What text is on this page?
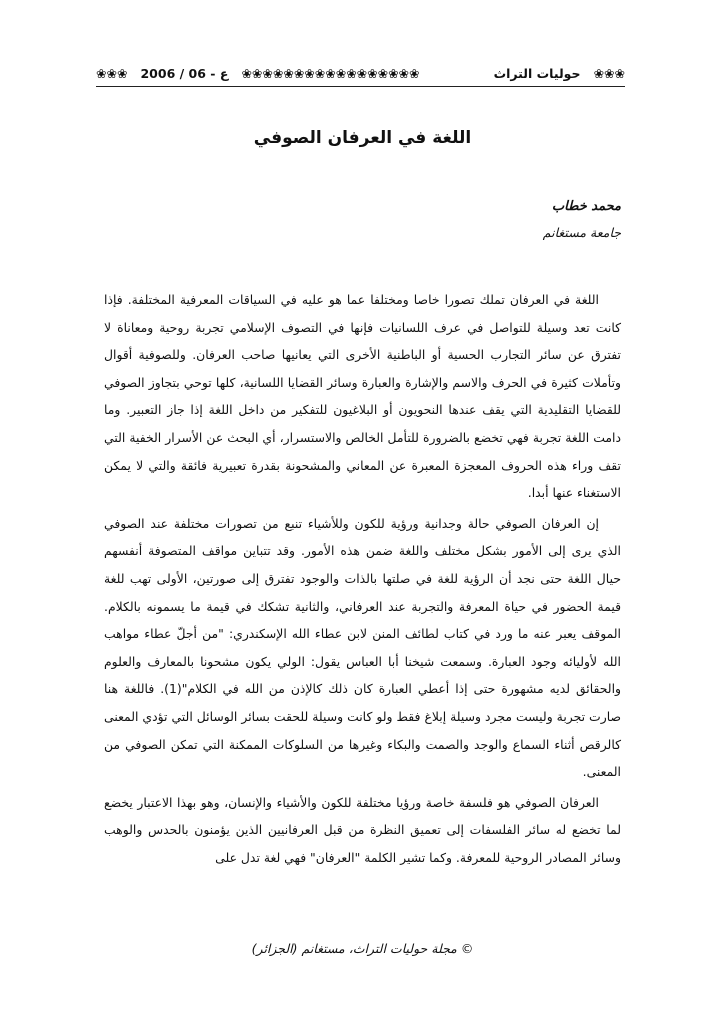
❀❀❀ 2006 / 06 - ع ❀❀❀❀❀❀❀❀❀❀❀❀❀❀❀❀❀	❀❀❀   حوليات التراث
اللغة في العرفان الصوفي
محمد خطاب
جامعة مستغانم

اللغة في العرفان تملك تصورا خاصا ومختلفا عما هو عليه في السياقات المعرفية المختلفة. فإذا كانت تعد وسيلة للتواصل في عرف اللسانيات فإنها في التصوف الإسلامي تجربة روحية ومعاناة لا تفترق عن سائر التجارب الحسية أو الباطنية الأخرى التي يعانيها صاحب العرفان. وللصوفية أقوال وتأملات كثيرة في الحرف والاسم والإشارة والعبارة وسائر القضايا اللسانية، كلها توحي بتجاوز الصوفي للقضايا التقليدية التي يقف عندها النحويون أو البلاغيون للتفكير من داخل اللغة إذا جاز التعبير. وما دامت اللغة تجربة فهي تخضع بالضرورة للتأمل الخالص والاستسرار، أي البحث عن الأسرار الخفية التي تقف وراء هذه الحروف المعجزة المعبرة عن المعاني والمشحونة بقدرة تعبيرية فائقة والتي لا يمكن الاستغناء عنها أبدا.

إن العرفان الصوفي حالة وجدانية ورؤية للكون وللأشياء تنبع من تصورات مختلفة عند الصوفي الذي يرى إلى الأمور بشكل مختلف واللغة ضمن هذه الأمور. وقد تتباين مواقف المتصوفة أنفسهم حيال اللغة حتى نجد أن الرؤية للغة في صلتها بالذات والوجود تفترق إلى صورتين، الأولى تهب للغة قيمة الحضور في حياة المعرفة والتجربة عند العرفاني، والثانية تشكك في قيمة ما يسمونه بالكلام. الموقف يعبر عنه ما ورد في كتاب لطائف المنن لابن عطاء الله الإسكندري: "من أجلّ عطاء مواهب الله لأوليائه وجود العبارة. وسمعت شيخنا أبا العباس يقول: الولي يكون مشحونا بالمعارف والعلوم والحقائق لديه مشهورة حتى إذا أعطي العبارة كان ذلك كالإذن من الله في الكلام"(1). فاللغة هنا صارت تجربة وليست مجرد وسيلة إبلاغ فقط ولو كانت وسيلة للحقت بسائر الوسائل التي تؤدي المعنى كالرقص أثناء السماع والوجد والصمت والبكاء وغيرها من السلوكات الممكنة التي تمكن الصوفي من المعنى.

العرفان الصوفي هو فلسفة خاصة ورؤيا مختلفة للكون والأشياء والإنسان، وهو بهذا الاعتبار يخضع لما تخضع له سائر الفلسفات إلى تعميق النظرة من قبل العرفانيين الذين يؤمنون بالحدس والوهب وسائر المصادر الروحية للمعرفة. وكما تشير الكلمة "العرفان" فهي لغة تدل على

© مجلة حوليات التراث، مستغانم (الجزائر)
